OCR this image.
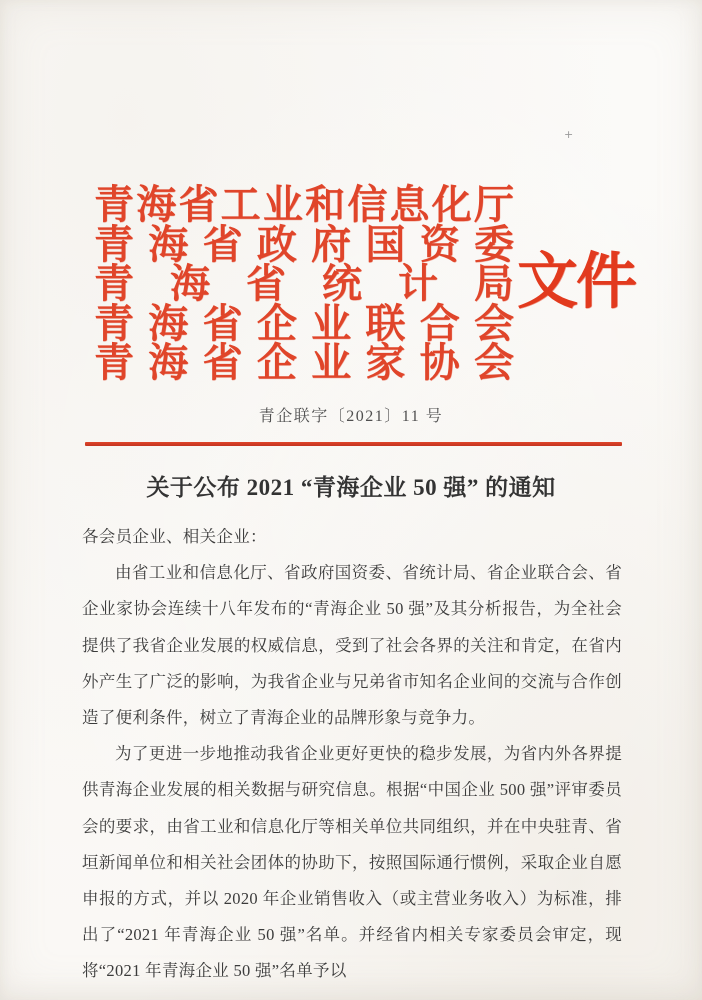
+
青 海 省 工 业 和 信 息 化 厅
青 海 省 政 府 国 资 委
青 海 省 统 计 局
青 海 省 企 业 联 合 会
青 海 省 企 业 家 协 会
文件
青企联字〔2021〕11 号
关于公布 2021 “青海企业 50 强” 的通知

各会员企业、相关企业：

由省工业和信息化厅、省政府国资委、省统计局、省企业联合会、省企业家协会连续十八年发布的“青海企业 50 强”及其分析报告，为全社会提供了我省企业发展的权威信息，受到了社会各界的关注和肯定，在省内外产生了广泛的影响，为我省企业与兄弟省市知名企业间的交流与合作创造了便利条件，树立了青海企业的品牌形象与竞争力。

为了更进一步地推动我省企业更好更快的稳步发展，为省内外各界提供青海企业发展的相关数据与研究信息。根据“中国企业 500 强”评审委员会的要求，由省工业和信息化厅等相关单位共同组织，并在中央驻青、省垣新闻单位和相关社会团体的协助下，按照国际通行惯例，采取企业自愿申报的方式，并以 2020 年企业销售收入（或主营业务收入）为标准，排出了“2021 年青海企业 50 强”名单。并经省内相关专家委员会审定，现将“2021 年青海企业 50 强”名单予以
